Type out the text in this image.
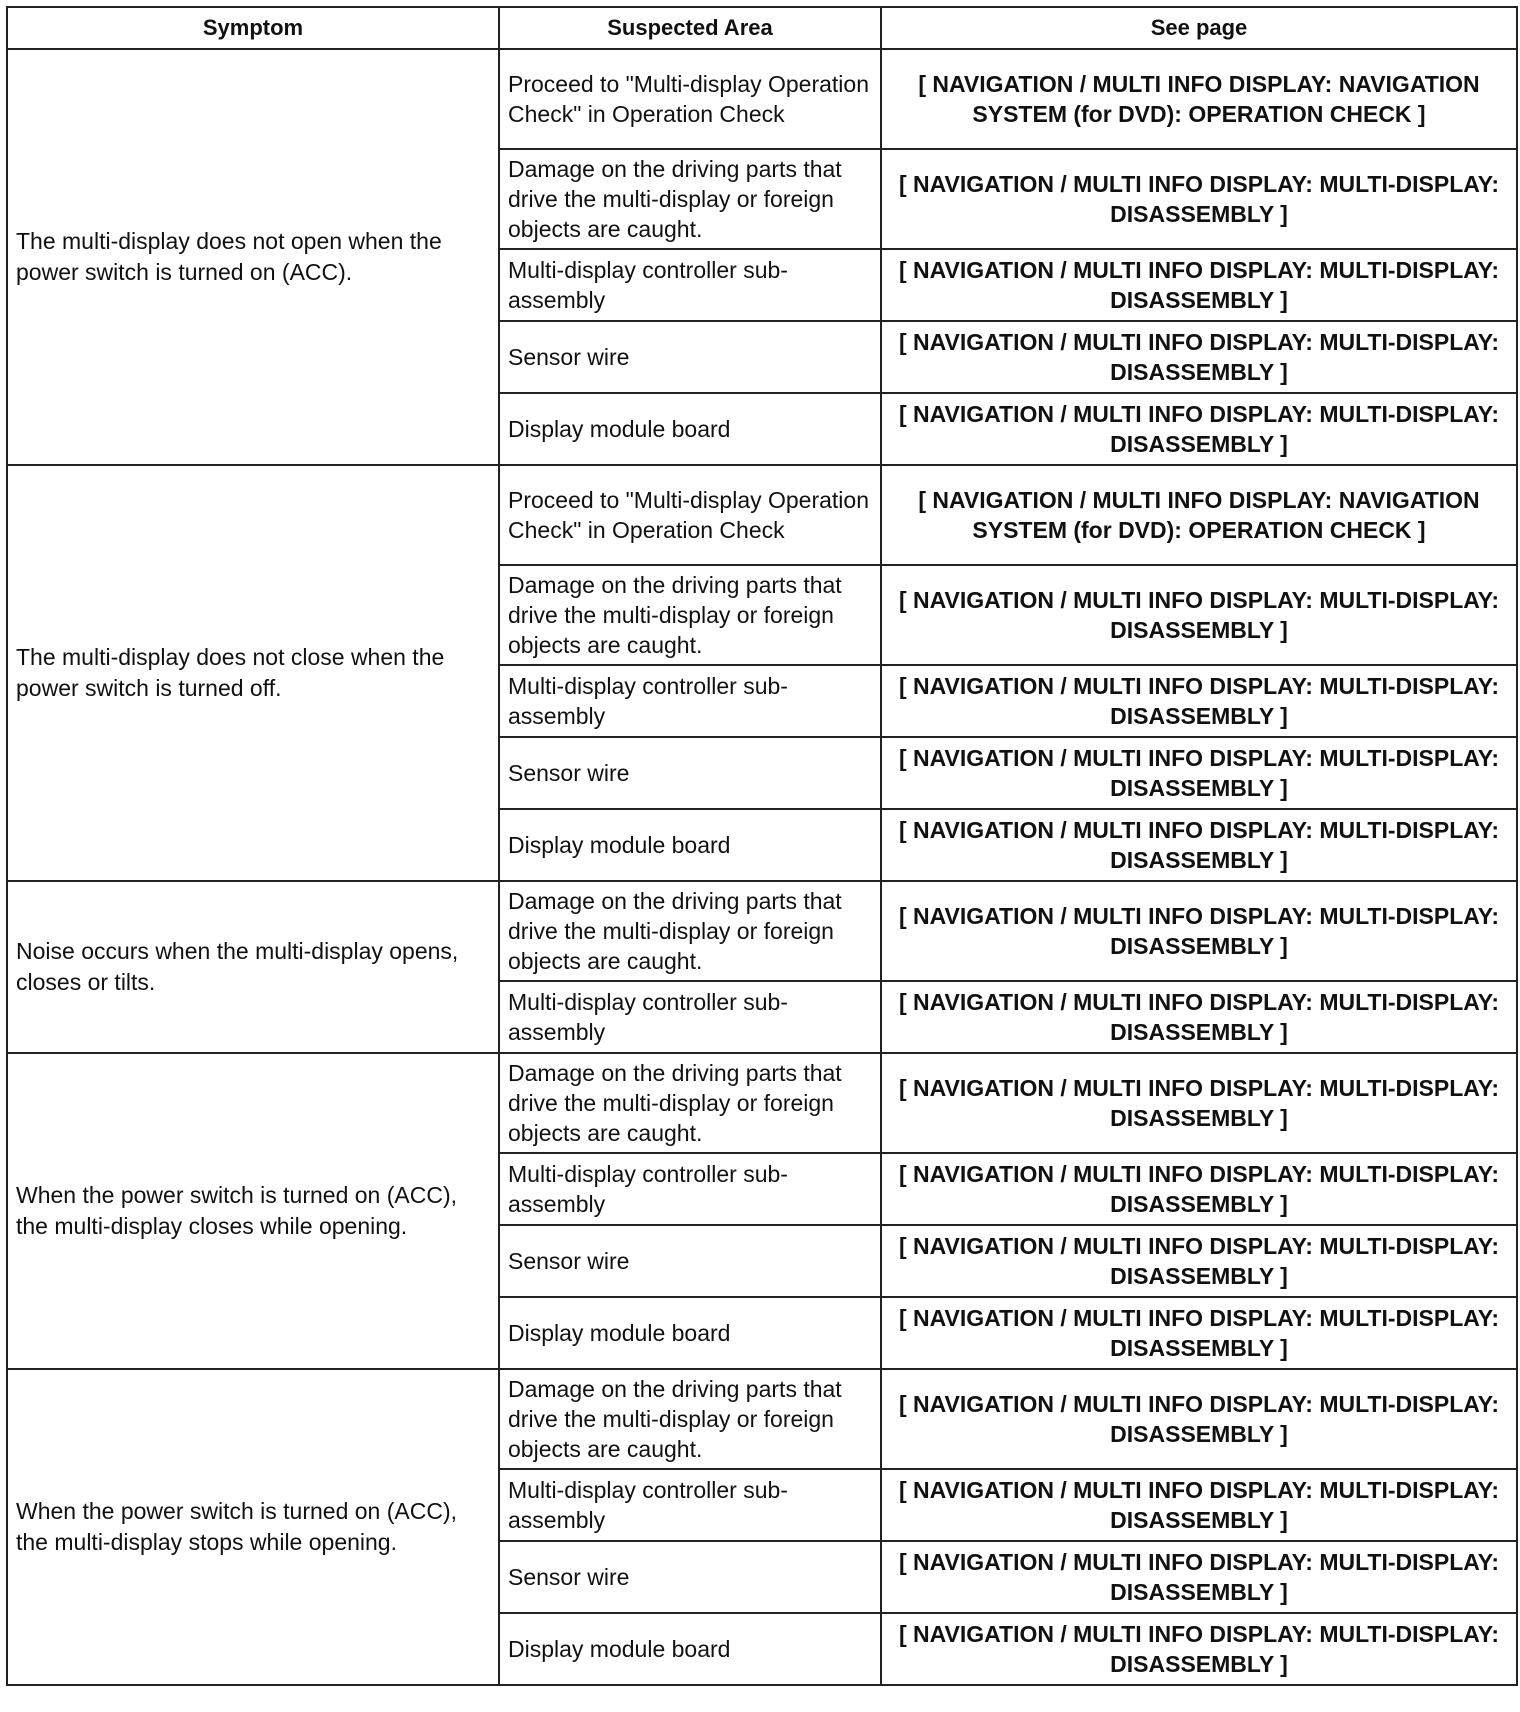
Symptom	Suspected Area	See page
The multi-display does not open when the power switch is turned on (ACC).	Proceed to "Multi-display Operation Check" in Operation Check	[ NAVIGATION / MULTI INFO DISPLAY: NAVIGATION SYSTEM (for DVD): OPERATION CHECK ]
	Damage on the driving parts that drive the multi-display or foreign objects are caught.	[ NAVIGATION / MULTI INFO DISPLAY: MULTI-DISPLAY: DISASSEMBLY ]
	Multi-display controller sub-assembly	[ NAVIGATION / MULTI INFO DISPLAY: MULTI-DISPLAY: DISASSEMBLY ]
	Sensor wire	[ NAVIGATION / MULTI INFO DISPLAY: MULTI-DISPLAY: DISASSEMBLY ]
	Display module board	[ NAVIGATION / MULTI INFO DISPLAY: MULTI-DISPLAY: DISASSEMBLY ]
The multi-display does not close when the power switch is turned off.	Proceed to "Multi-display Operation Check" in Operation Check	[ NAVIGATION / MULTI INFO DISPLAY: NAVIGATION SYSTEM (for DVD): OPERATION CHECK ]
	Damage on the driving parts that drive the multi-display or foreign objects are caught.	[ NAVIGATION / MULTI INFO DISPLAY: MULTI-DISPLAY: DISASSEMBLY ]
	Multi-display controller sub-assembly	[ NAVIGATION / MULTI INFO DISPLAY: MULTI-DISPLAY: DISASSEMBLY ]
	Sensor wire	[ NAVIGATION / MULTI INFO DISPLAY: MULTI-DISPLAY: DISASSEMBLY ]
	Display module board	[ NAVIGATION / MULTI INFO DISPLAY: MULTI-DISPLAY: DISASSEMBLY ]
Noise occurs when the multi-display opens, closes or tilts.	Damage on the driving parts that drive the multi-display or foreign objects are caught.	[ NAVIGATION / MULTI INFO DISPLAY: MULTI-DISPLAY: DISASSEMBLY ]
	Multi-display controller sub-assembly	[ NAVIGATION / MULTI INFO DISPLAY: MULTI-DISPLAY: DISASSEMBLY ]
When the power switch is turned on (ACC), the multi-display closes while opening.	Damage on the driving parts that drive the multi-display or foreign objects are caught.	[ NAVIGATION / MULTI INFO DISPLAY: MULTI-DISPLAY: DISASSEMBLY ]
	Multi-display controller sub-assembly	[ NAVIGATION / MULTI INFO DISPLAY: MULTI-DISPLAY: DISASSEMBLY ]
	Sensor wire	[ NAVIGATION / MULTI INFO DISPLAY: MULTI-DISPLAY: DISASSEMBLY ]
	Display module board	[ NAVIGATION / MULTI INFO DISPLAY: MULTI-DISPLAY: DISASSEMBLY ]
When the power switch is turned on (ACC), the multi-display stops while opening.	Damage on the driving parts that drive the multi-display or foreign objects are caught.	[ NAVIGATION / MULTI INFO DISPLAY: MULTI-DISPLAY: DISASSEMBLY ]
	Multi-display controller sub-assembly	[ NAVIGATION / MULTI INFO DISPLAY: MULTI-DISPLAY: DISASSEMBLY ]
	Sensor wire	[ NAVIGATION / MULTI INFO DISPLAY: MULTI-DISPLAY: DISASSEMBLY ]
	Display module board	[ NAVIGATION / MULTI INFO DISPLAY: MULTI-DISPLAY: DISASSEMBLY ]
